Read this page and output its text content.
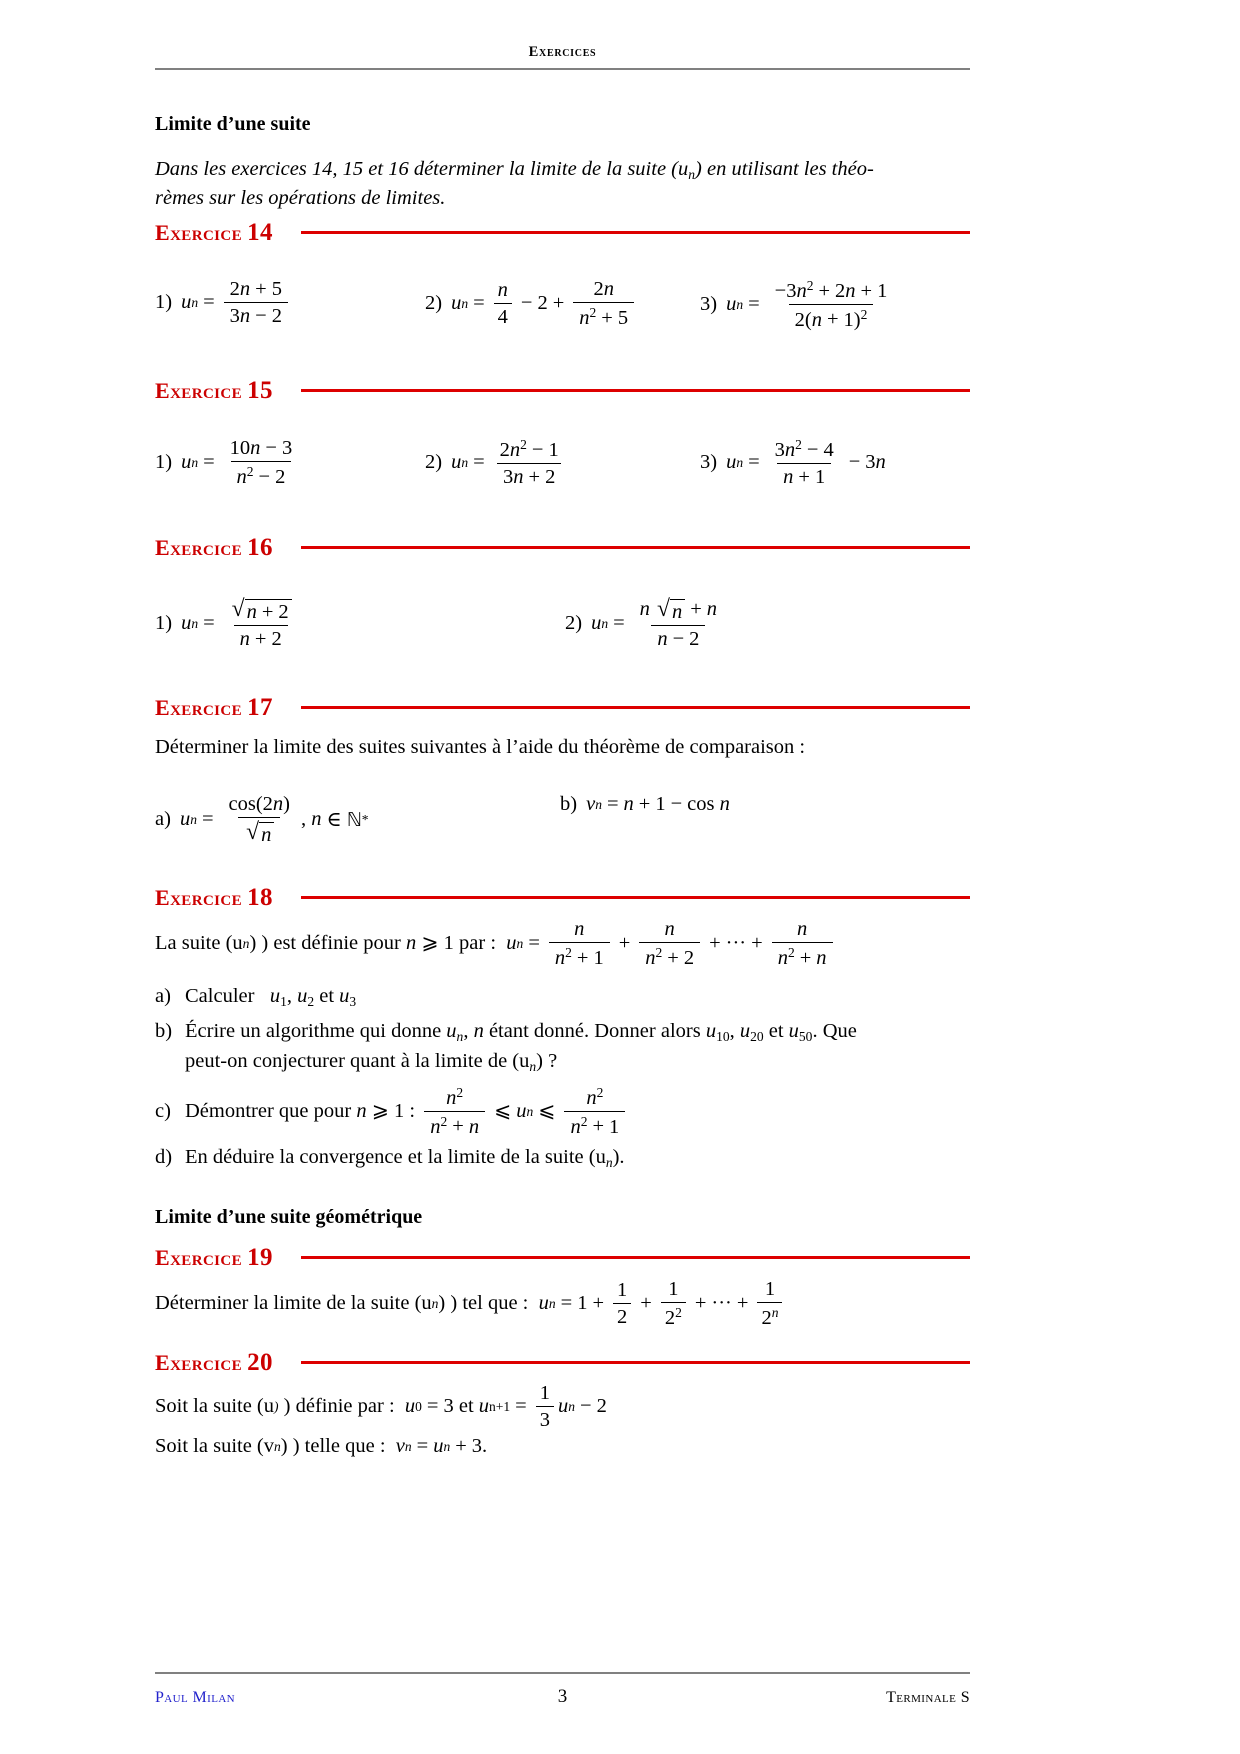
Exercices
Limite d’une suite

Dans les exercices 14, 15 et 16 déterminer la limite de la suite (un) en utilisant les théo-
rèmes sur les opérations de limites.

Exercice 14
1) u $n = \frac{2n + 5}{3n - 2}$	2) u $n = \frac{n}{4} - 2 + \frac{2n}{n2 + 5}$	3) u $n = \frac{-3n2 + 2n + 1}{2(n + 1)2}$
Exercice 15
1) u $n = \frac{10n - 3}{n2 - 2}$	2) u $n = \frac{2n2 - 1}{3n + 2}$	3) u $n = \frac{3n2 - 4}{n + 1} - 3$ n
Exercice 16
1) u $n = \frac{√ n + 2}{n + 2}$	2) u $n = \frac{n √ n + n}{n - 2}$
Exercice 17

Déterminer la limite des suites suivantes à l’aide du théorème de comparaison :

a) u $n = \frac{\cos(2n)}{√ n}$ ,
n ∈ ℕ *
b) v n = n + 1 − cos n
Exercice 18
La suite (u n ) ) est définie pour
n
⩾ 1 par :
u $n = \frac{n}{n2 + 1} + \frac{n}{n2 + 2}$ + ··· + $\frac{n}{n2 + n}$
a) Calculer u1, u2 et u3
b) Écrire un algorithme qui donne un, n étant donné. Donner alors u10, u20 et u50. Que
peut-on conjecturer quant à la limite de (un) ?
c) Démontrer que pour
n
⩾ 1 :
$\frac{n2}{n2 + n}$ ⩽ u n ⩽ $\frac{n2}{n2 + 1}$
d) En déduire la convergence et la limite de la suite (un).
Limite d’une suite géométrique
Exercice 19
Déterminer la limite de la suite (u n ) ) tel que :
u $n = 1 + \frac{1}{2} + \frac{1}{22}$ + ··· + $\frac{1}{2n}$
Exercice 20
Soit la suite (u )
) définie par :
u 0 = 3
et
u $n+1 = \frac{1}{3}$ u n − 2
Soit la suite (v n ) ) telle que :
v n = u n + 3.
Paul Milan	3	Terminale S
